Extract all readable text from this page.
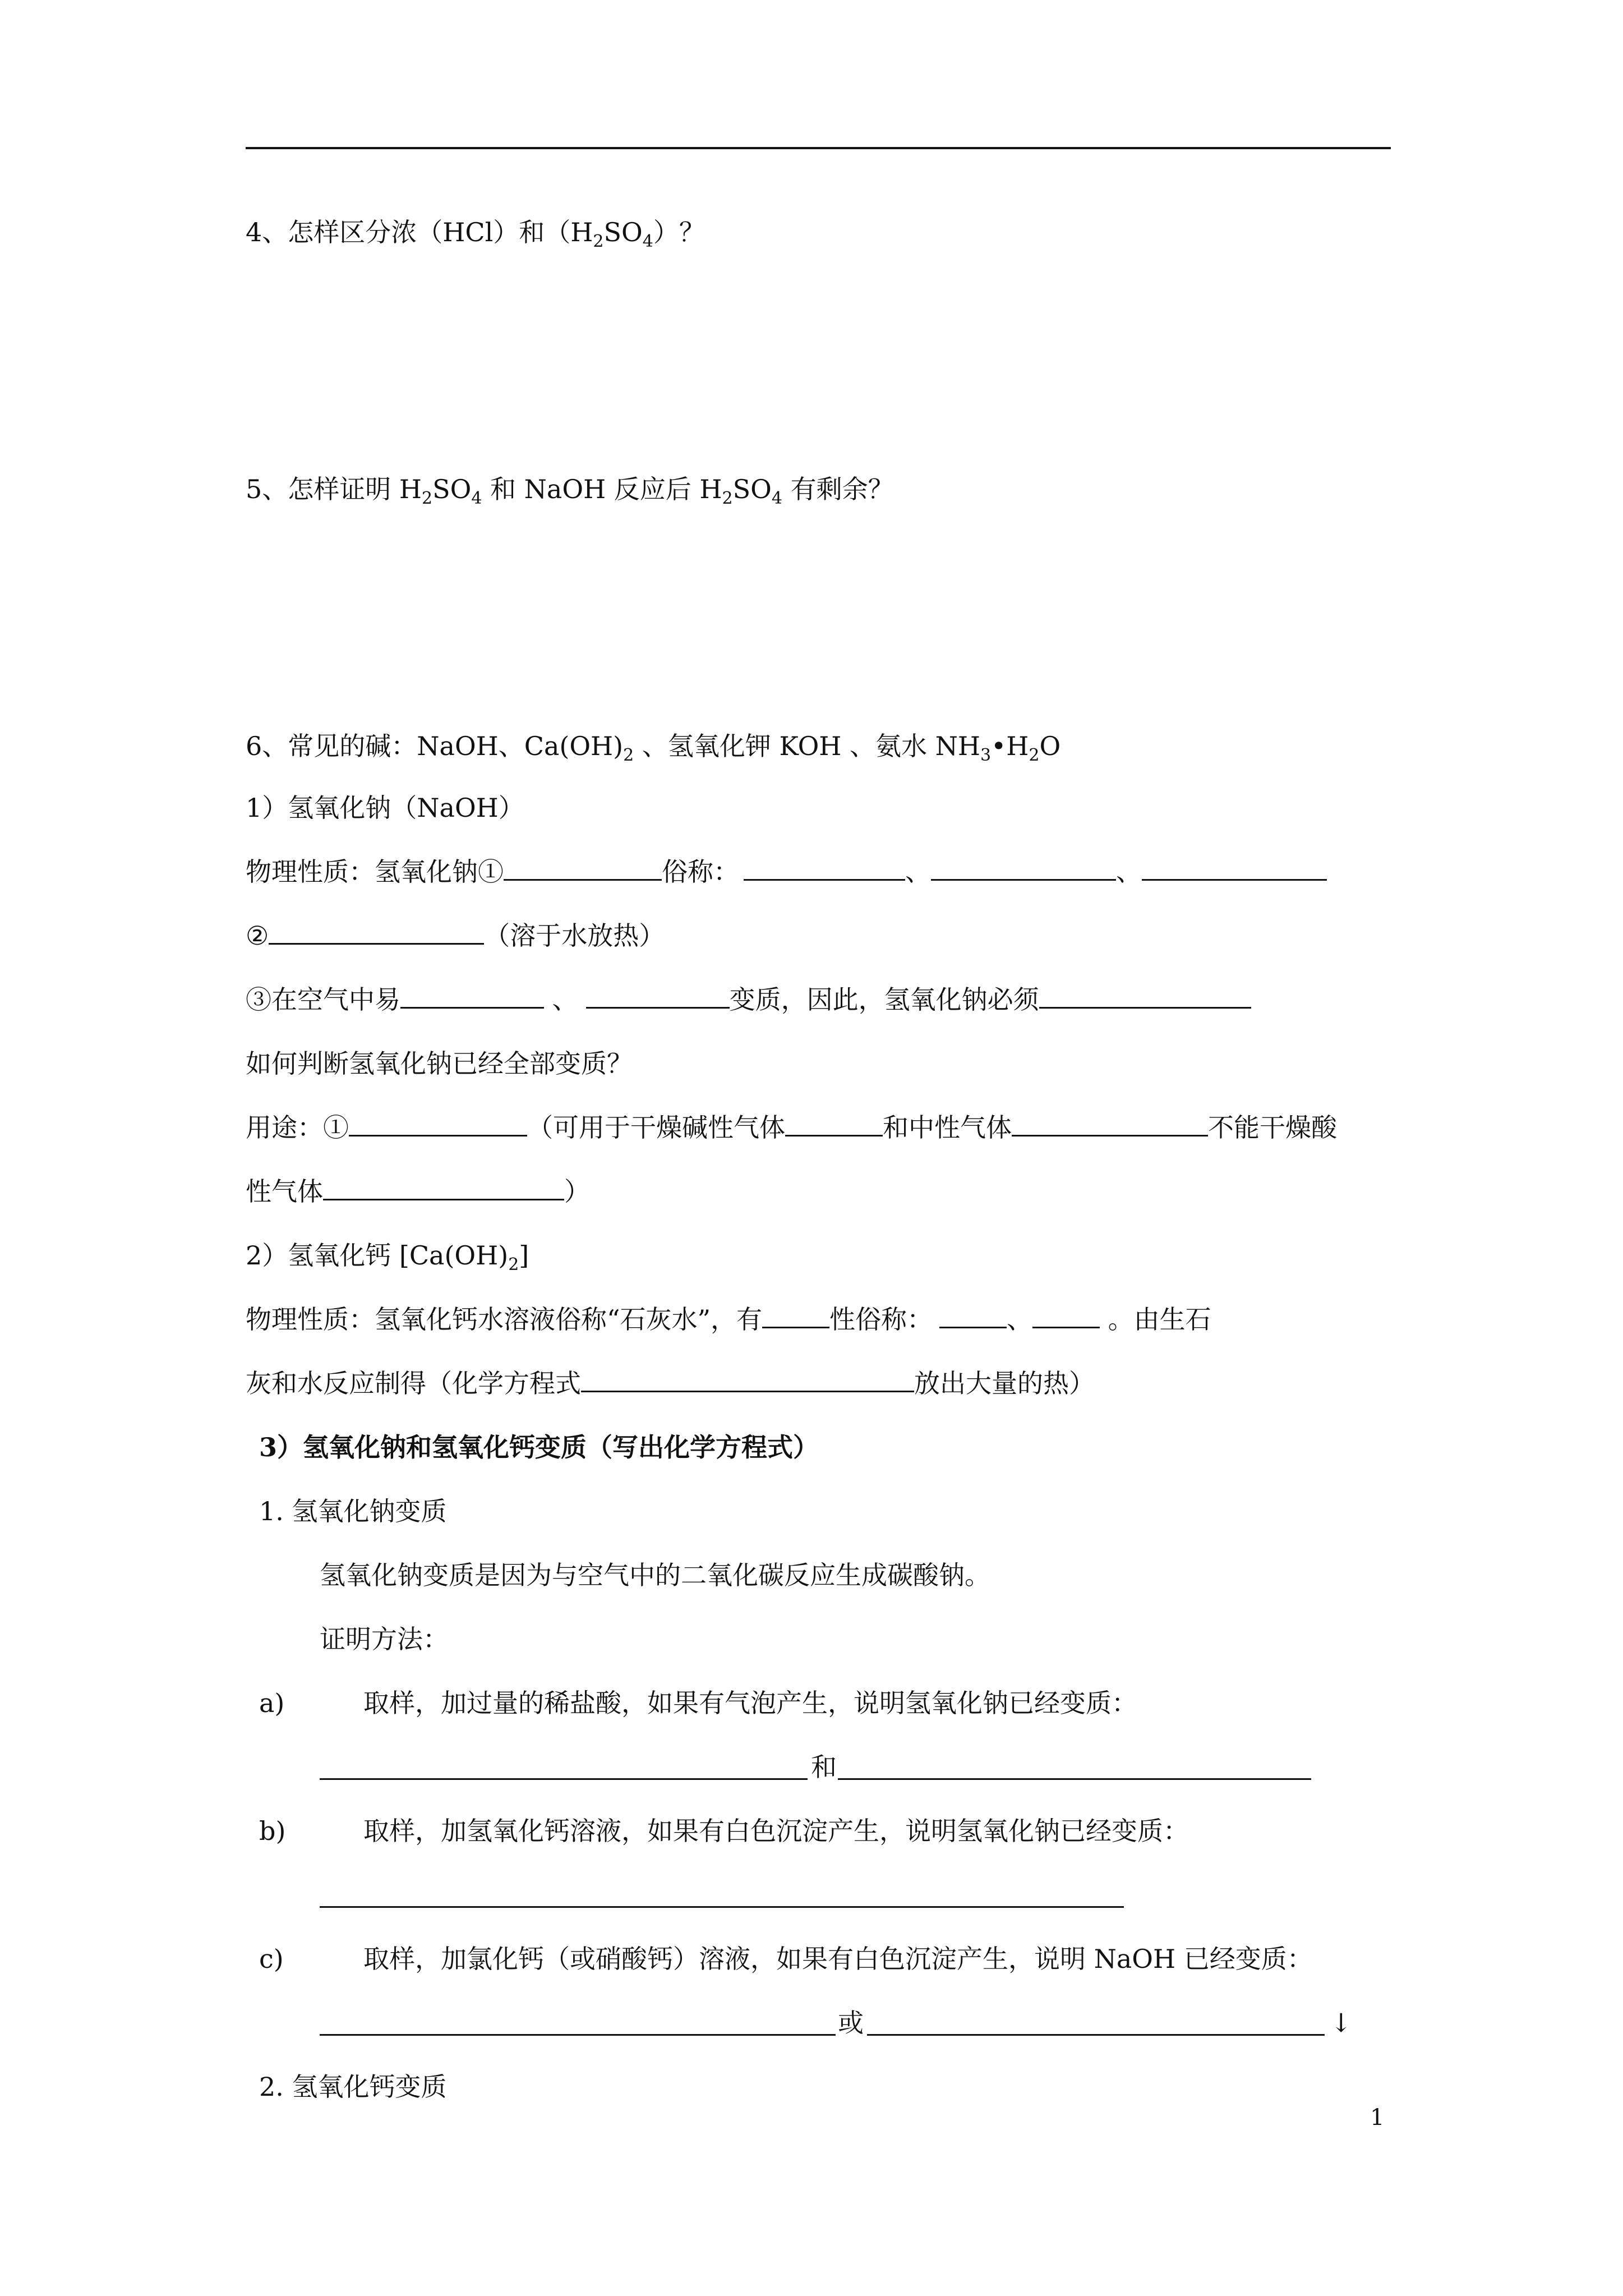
4、怎样区分浓（HCl）和$(H_2SO_4)$？
5、怎样证明 $H_2SO_4$ 和 NaOH 反应后 $H_2SO_4$ 有剩余？
6、常见的碱：NaOH、$Ca(OH)_2$ 、氢氧化钾 KOH 、氨水 $NH_3•H_2O$
1）氢氧化钠（NaOH）
物理性质：氢氧化钠①	俗称：	、	、
②	（溶于水放热）
③在空气中易	、	变质，因此，氢氧化钠必须
如何判断氢氧化钠已经全部变质？
用途：①	（可用于干燥碱性气体	和中性气体	不能干燥酸
性气体	）
2）氢氧化钙 $[Ca(OH)_2]$
物理性质：氢氧化钙水溶液俗称“石灰水”，有	性俗称：	、	。由生石
灰和水反应制得（化学方程式	放出大量的热）
3）氢氧化钠和氢氧化钙变质（写出化学方程式）
1. 氢氧化钠变质
氢氧化钠变质是因为与空气中的二氧化碳反应生成碳酸钠。
证明方法：
a)	取样，加过量的稀盐酸，如果有气泡产生，说明氢氧化钠已经变质：
和
b)	取样，加氢氧化钙溶液，如果有白色沉淀产生，说明氢氧化钠已经变质：
c)	取样，加氯化钙（或硝酸钙）溶液，如果有白色沉淀产生，说明 NaOH 已经变质：
或	↓
2. 氢氧化钙变质
1
